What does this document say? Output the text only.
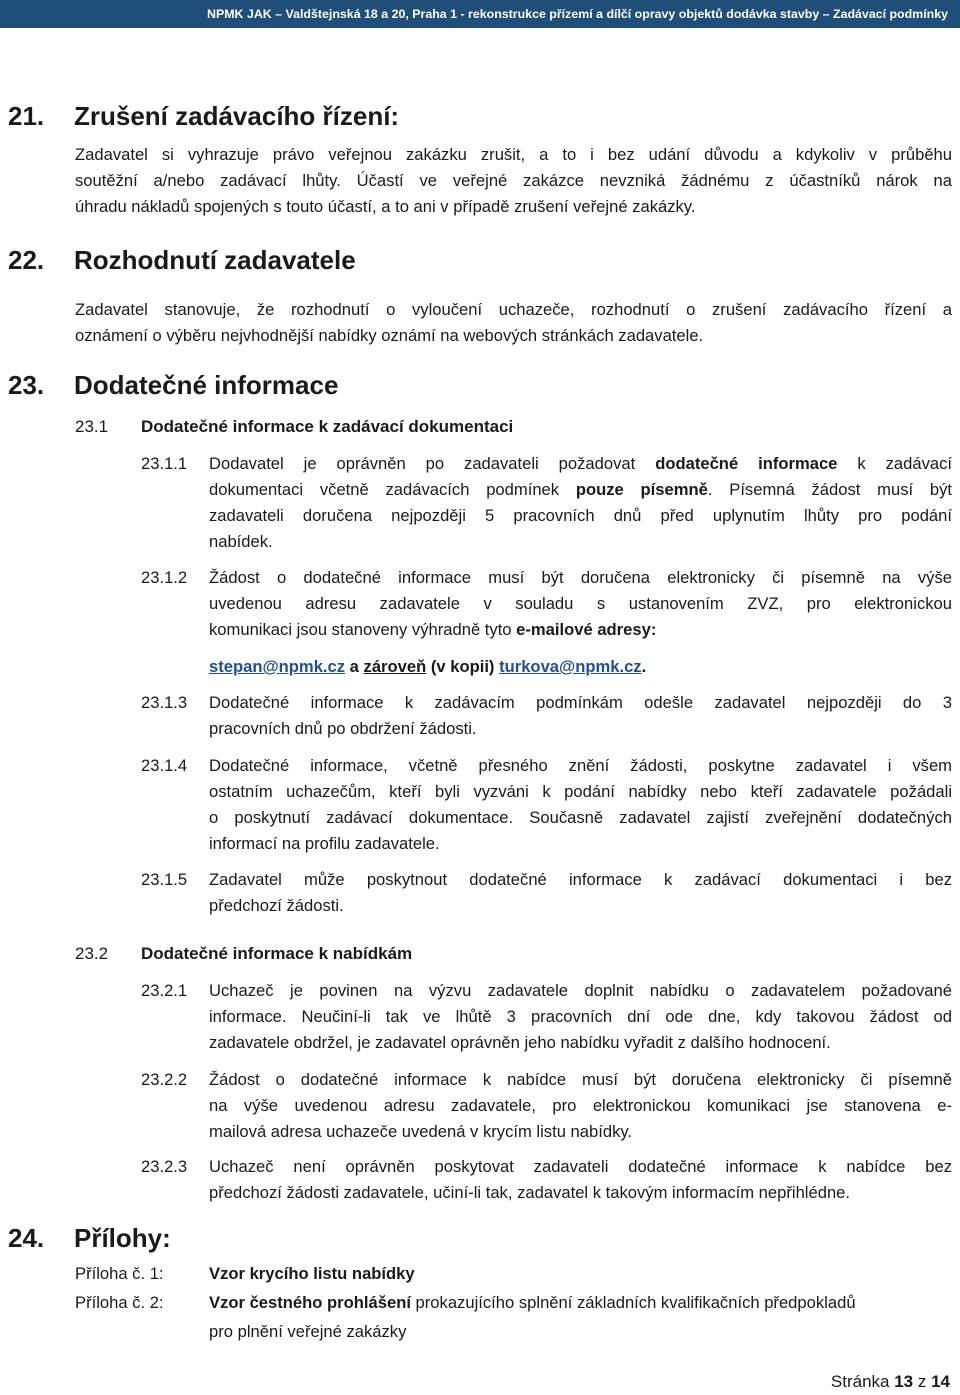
NPMK JAK – Valdštejnská 18 a 20, Praha 1 - rekonstrukce přízemí a dílčí opravy objektů dodávka stavby – Zadávací podmínky
21. Zrušení zadávacího řízení:
Zadavatel si vyhrazuje právo veřejnou zakázku zrušit, a to i bez udání důvodu a kdykoliv v průběhu
soutěžní a/nebo zadávací lhůty. Účastí ve veřejné zakázce nevzniká žádnému z účastníků nárok na
úhradu nákladů spojených s touto účastí, a to ani v případě zrušení veřejné zakázky.
22. Rozhodnutí zadavatele
Zadavatel stanovuje, že rozhodnutí o vyloučení uchazeče, rozhodnutí o zrušení zadávacího řízení a
oznámení o výběru nejvhodnější nabídky oznámí na webových stránkách zadavatele.
23. Dodatečné informace
23.1 Dodatečné informace k zadávací dokumentaci
23.1.1 Dodavatel je oprávněn po zadavateli požadovat dodatečné informace k zadávací
dokumentaci včetně zadávacích podmínek pouze písemně. Písemná žádost musí být
zadavateli doručena nejpozději 5 pracovních dnů před uplynutím lhůty pro podání
nabídek.
23.1.2 Žádost o dodatečné informace musí být doručena elektronicky či písemně na výše
uvedenou adresu zadavatele v souladu s ustanovením ZVZ, pro elektronickou
komunikaci jsou stanoveny výhradně tyto e-mailové adresy:
stepan@npmk.cz a zároveň (v kopii) turkova@npmk.cz.
23.1.3 Dodatečné informace k zadávacím podmínkám odešle zadavatel nejpozději do 3
pracovních dnů po obdržení žádosti.
23.1.4 Dodatečné informace, včetně přesného znění žádosti, poskytne zadavatel i všem
ostatním uchazečům, kteří byli vyzváni k podání nabídky nebo kteří zadavatele požádali
o poskytnutí zadávací dokumentace. Současně zadavatel zajistí zveřejnění dodatečných
informací na profilu zadavatele.
23.1.5 Zadavatel může poskytnout dodatečné informace k zadávací dokumentaci i bez
předchozí žádosti.
23.2 Dodatečné informace k nabídkám
23.2.1 Uchazeč je povinen na výzvu zadavatele doplnit nabídku o zadavatelem požadované
informace. Neučiní-li tak ve lhůtě 3 pracovních dní ode dne, kdy takovou žádost od
zadavatele obdržel, je zadavatel oprávněn jeho nabídku vyřadit z dalšího hodnocení.
23.2.2 Žádost o dodatečné informace k nabídce musí být doručena elektronicky či písemně
na výše uvedenou adresu zadavatele, pro elektronickou komunikaci jse stanovena e-
mailová adresa uchazeče uvedená v krycím listu nabídky.
23.2.3 Uchazeč není oprávněn poskytovat zadavateli dodatečné informace k nabídce bez
předchozí žádosti zadavatele, učiní-li tak, zadavatel k takovým informacím nepřihlédne.
24. Přílohy:
Příloha č. 1:	Vzor krycího listu nabídky
Příloha č. 2:	Vzor čestného prohlášení prokazujícího splnění základních kvalifikačních předpokladů
pro plnění veřejné zakázky
Stránka 13 z 14
